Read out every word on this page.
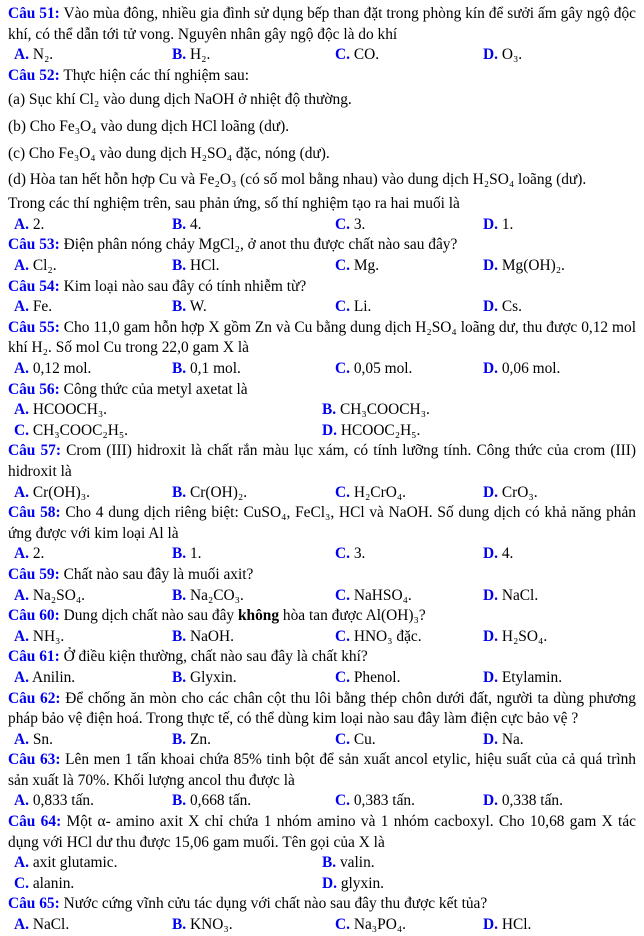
Câu 51: Vào mùa đông, nhiều gia đình sử dụng bếp than đặt trong phòng kín để sưởi ấm gây ngộ độc khí, có thể dẫn tới tử vong. Nguyên nhân gây ngộ độc là do khí
A. N₂.	B. H₂.	C. CO.	D. O₃.
Câu 52: Thực hiện các thí nghiệm sau:
(a) Sục khí Cl₂ vào dung dịch NaOH ở nhiệt độ thường.
(b) Cho Fe₃O₄ vào dung dịch HCl loãng (dư).
(c) Cho Fe₃O₄ vào dung dịch H₂SO₄ đặc, nóng (dư).
(d) Hòa tan hết hỗn hợp Cu và Fe₂O₃ (có số mol bằng nhau) vào dung dịch H₂SO₄ loãng (dư).
Trong các thí nghiệm trên, sau phản ứng, số thí nghiệm tạo ra hai muối là
A. 2.	B. 4.	C. 3.	D. 1.
Câu 53: Điện phân nóng chảy MgCl₂, ở anot thu được chất nào sau đây?
A. Cl₂.	B. HCl.	C. Mg.	D. Mg(OH)₂.
Câu 54: Kim loại nào sau đây có tính nhiễm từ?
A. Fe.	B. W.	C. Li.	D. Cs.
Câu 55: Cho 11,0 gam hỗn hợp X gồm Zn và Cu bằng dung dịch H₂SO₄ loãng dư, thu được 0,12 mol khí H₂. Số mol Cu trong 22,0 gam X là
A. 0,12 mol.	B. 0,1 mol.	C. 0,05 mol.	D. 0,06 mol.
Câu 56: Công thức của metyl axetat là
A. HCOOCH₃.	B. CH₃COOCH₃.
C. CH₃COOC₂H₅.	D. HCOOC₂H₅.
Câu 57: Crom (III) hidroxit là chất rắn màu lục xám, có tính lưỡng tính. Công thức của crom (III) hidroxit là
A. Cr(OH)₃.	B. Cr(OH)₂.	C. H₂CrO₄.	D. CrO₃.
Câu 58: Cho 4 dung dịch riêng biệt: CuSO₄, FeCl₃, HCl và NaOH. Số dung dịch có khả năng phản ứng được với kim loại Al là
A. 2.	B. 1.	C. 3.	D. 4.
Câu 59: Chất nào sau đây là muối axit?
A. Na₂SO₄.	B. Na₂CO₃.	C. NaHSO₄.	D. NaCl.
Câu 60: Dung dịch chất nào sau đây không hòa tan được Al(OH)₃?
A. NH₃.	B. NaOH.	C. HNO₃ đặc.	D. H₂SO₄.
Câu 61: Ở điều kiện thường, chất nào sau đây là chất khí?
A. Anilin.	B. Glyxin.	C. Phenol.	D. Etylamin.
Câu 62: Để chống ăn mòn cho các chân cột thu lôi bằng thép chôn dưới đất, người ta dùng phương pháp bảo vệ điện hoá. Trong thực tế, có thể dùng kim loại nào sau đây làm điện cực bảo vệ ?
A. Sn.	B. Zn.	C. Cu.	D. Na.
Câu 63: Lên men 1 tấn khoai chứa 85% tinh bột để sản xuất ancol etylic, hiệu suất của cả quá trình sản xuất là 70%. Khối lượng ancol thu được là
A. 0,833 tấn.	B. 0,668 tấn.	C. 0,383 tấn.	D. 0,338 tấn.
Câu 64: Một α- amino axit X chỉ chứa 1 nhóm amino và 1 nhóm cacboxyl. Cho 10,68 gam X tác dụng với HCl dư thu được 15,06 gam muối. Tên gọi của X là
A. axit glutamic.	B. valin.
C. alanin.	D. glyxin.
Câu 65: Nước cứng vĩnh cửu tác dụng với chất nào sau đây thu được kết tủa?
A. NaCl.	B. KNO₃.	C. Na₃PO₄.	D. HCl.
